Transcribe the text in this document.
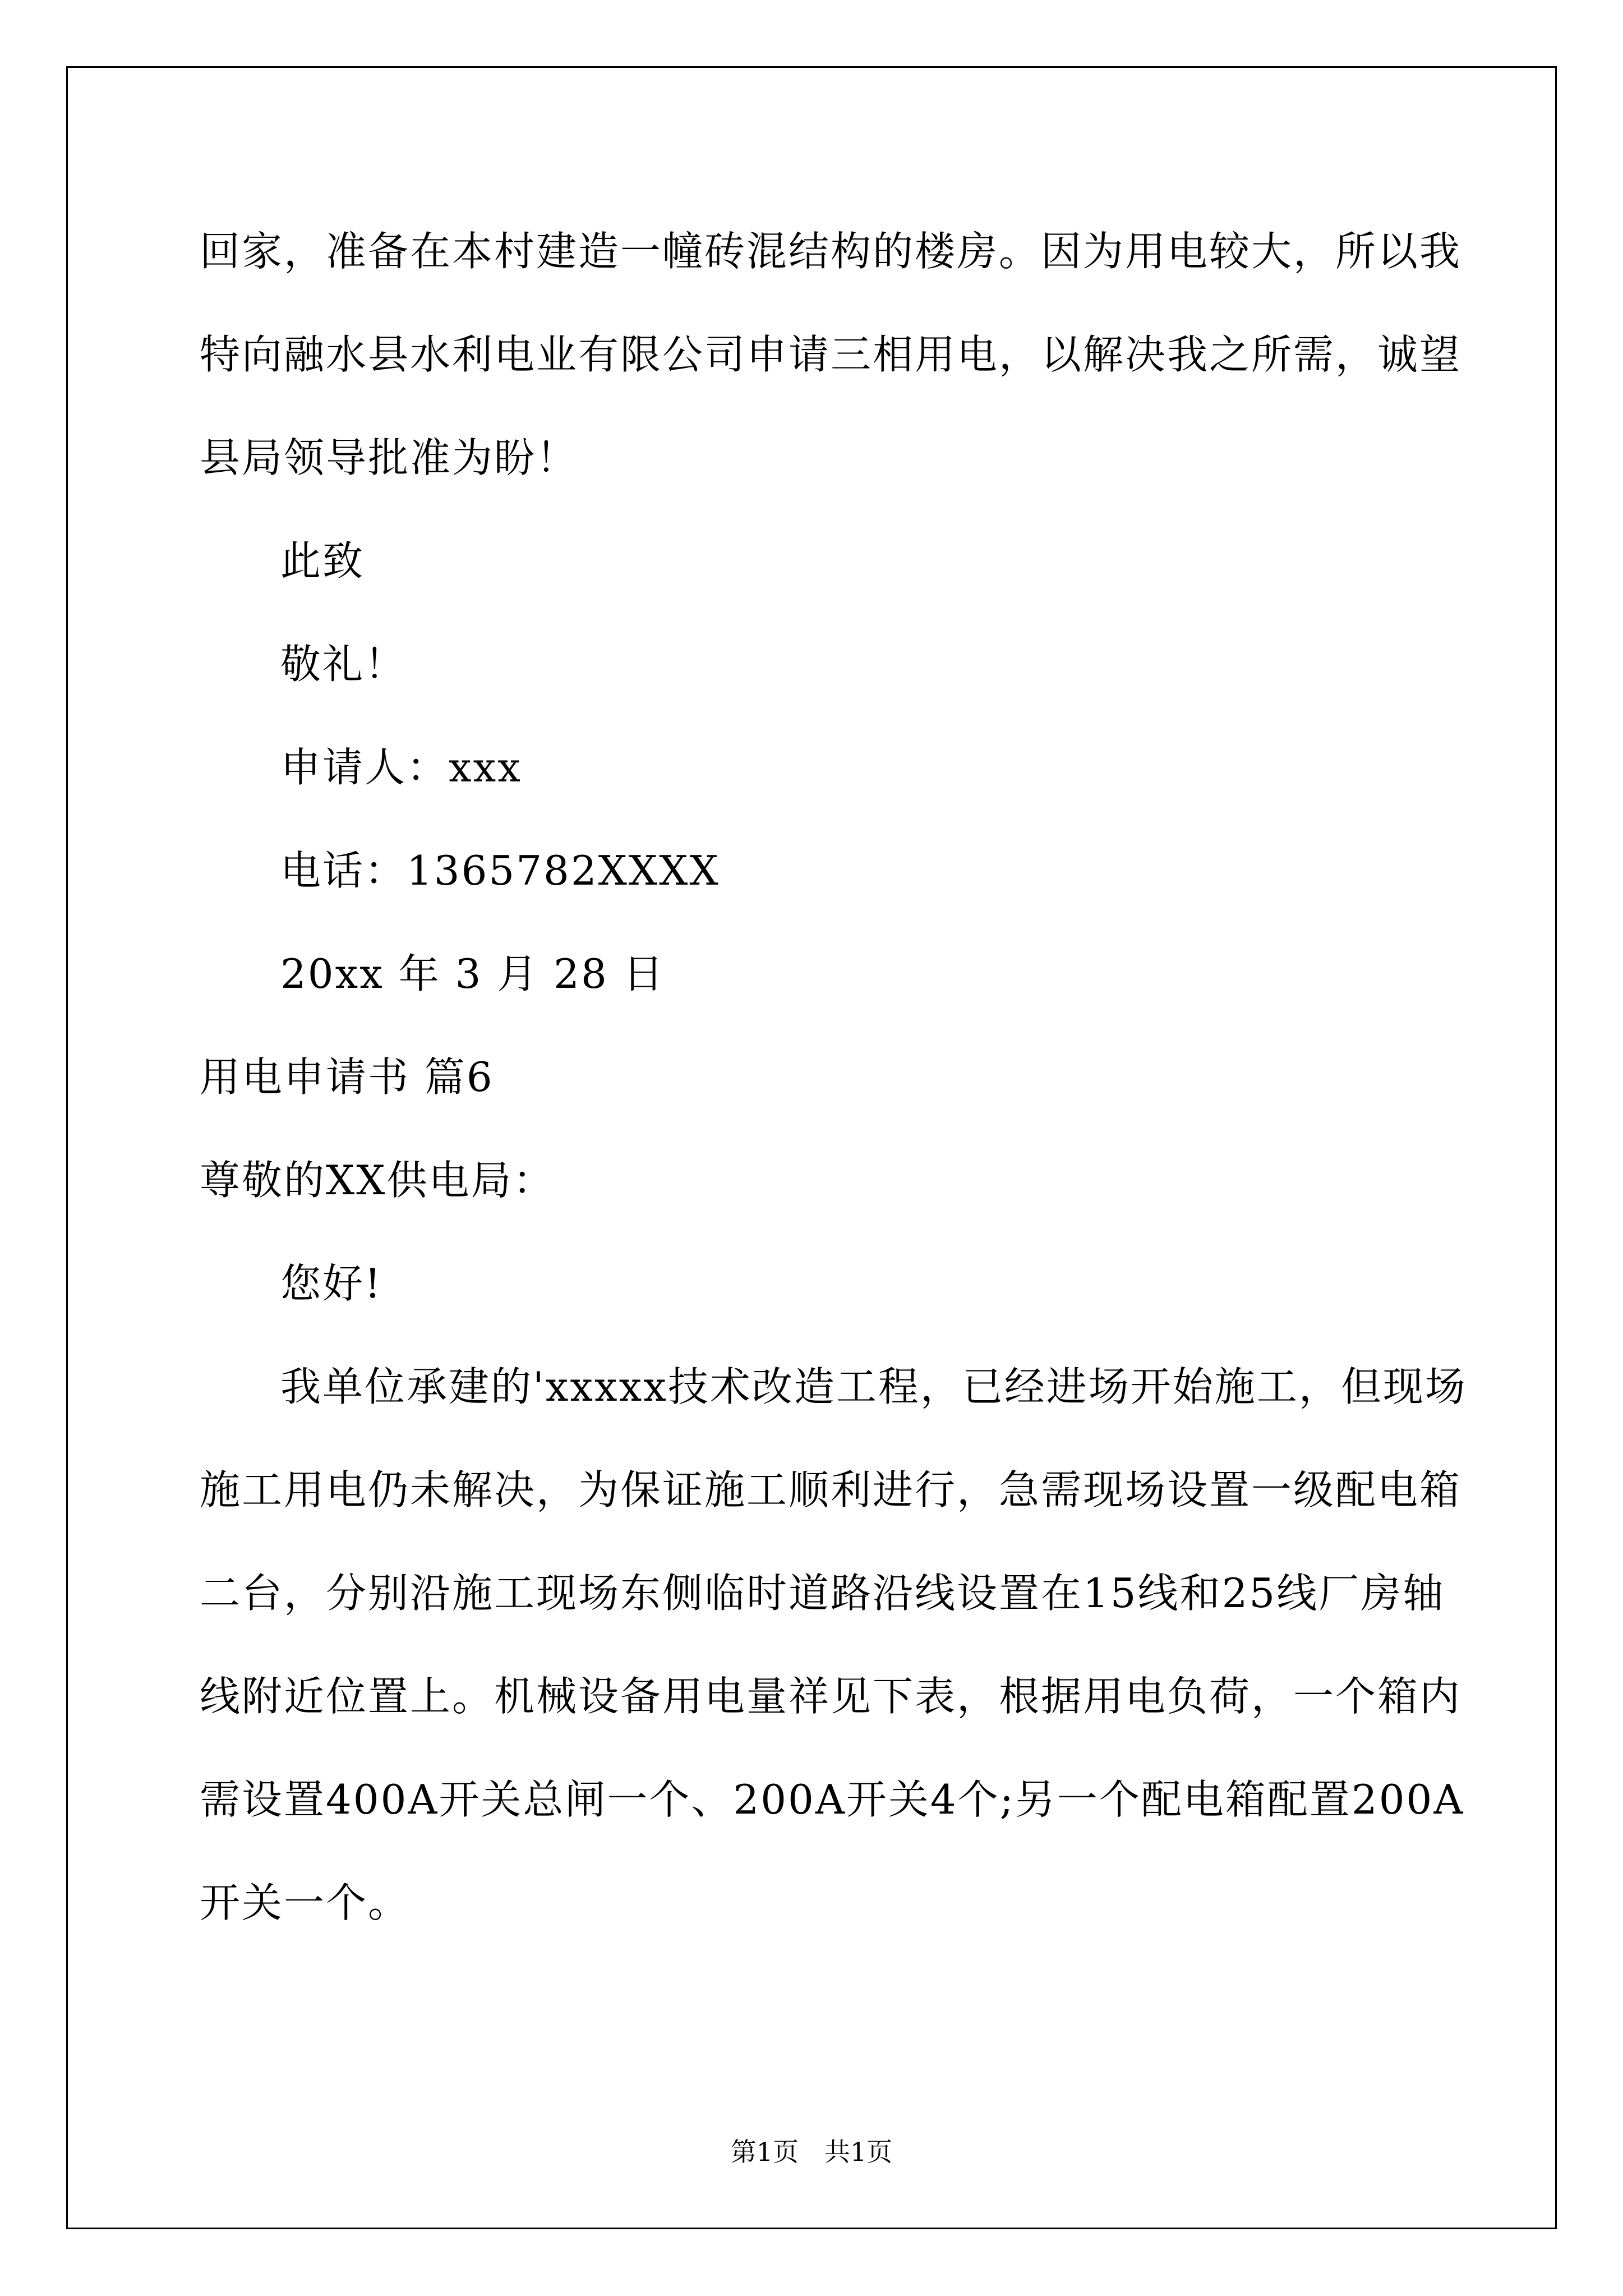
回家，准备在本村建造一幢砖混结构的楼房。因为用电较大，所以我
特向融水县水利电业有限公司申请三相用电，以解决我之所需，诚望
县局领导批准为盼！
此致
敬礼！
申请人：xxx
电话：1365782XXXX
20xx 年 3 月 28 日
用电申请书 篇6
尊敬的XX供电局：
您好!
我单位承建的'xxxxx技术改造工程，已经进场开始施工，但现场
施工用电仍未解决，为保证施工顺利进行，急需现场设置一级配电箱
二台，分别沿施工现场东侧临时道路沿线设置在15线和25线厂房轴
线附近位置上。机械设备用电量祥见下表，根据用电负荷，一个箱内
需设置400A开关总闸一个、200A开关4个;另一个配电箱配置200A
开关一个。
第1页　共1页
